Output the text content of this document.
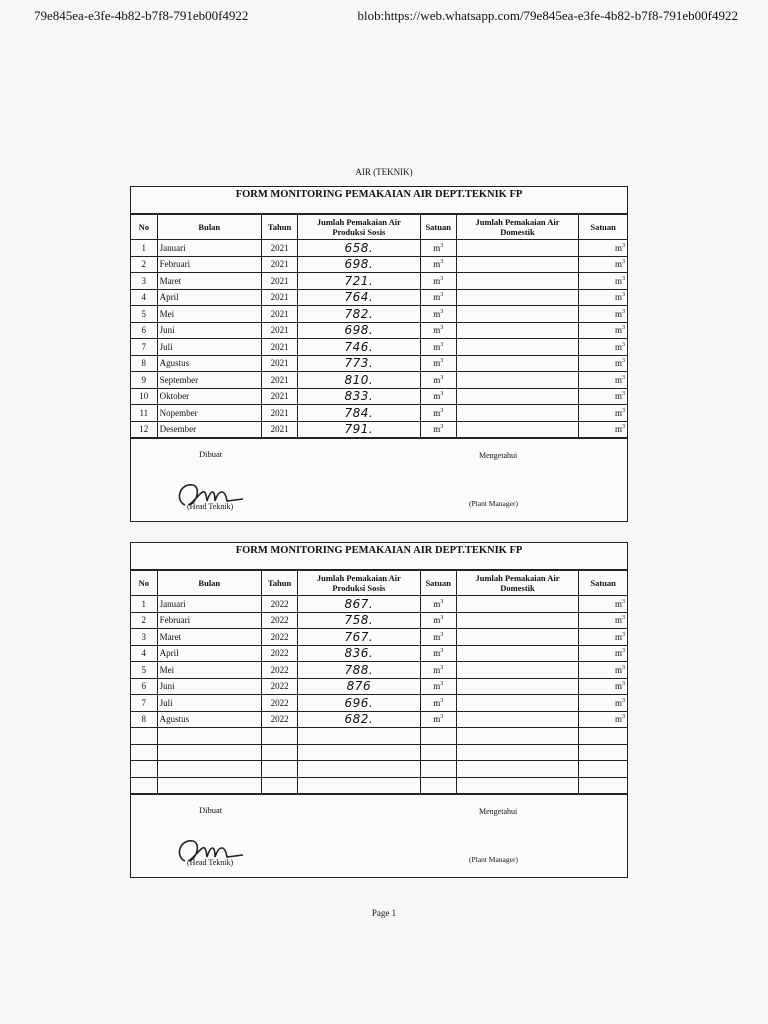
79e845ea-e3fe-4b82-b7f8-791eb00f4922	blob:https://web.whatsapp.com/79e845ea-e3fe-4b82-b7f8-791eb00f4922
AIR (TEKNIK)
FORM MONITORING PEMAKAIAN AIR DEPT.TEKNIK FP
No	Bulan	Tahun	Jumlah Pemakaian Air Produksi Sosis	Satuan	Jumlah Pemakaian Air Domestik	Satuan
1	Januari	2021	658.	$m^3$		$m^3$
2	Februari	2021	698.	$m^3$		$m^3$
3	Maret	2021	721.	$m^3$		$m^3$
4	April	2021	764.	$m^3$		$m^3$
5	Mei	2021	782.	$m^3$		$m^3$
6	Juni	2021	698.	$m^3$		$m^3$
7	Juli	2021	746.	$m^3$		$m^3$
8	Agustus	2021	773.	$m^3$		$m^3$
9	September	2021	810.	$m^3$		$m^3$
10	Oktober	2021	833.	$m^3$		$m^3$
11	Nopember	2021	784.	$m^3$		$m^3$
12	Desember	2021	791.	$m^3$		$m^3$
Dibuat	Mengetahui
(Head Teknik)	(Plant Manager)
FORM MONITORING PEMAKAIAN AIR DEPT.TEKNIK FP
No	Bulan	Tahun	Jumlah Pemakaian Air Produksi Sosis	Satuan	Jumlah Pemakaian Air Domestik	Satuan
1	Januari	2022	867.	$m^3$		$m^3$
2	Februari	2022	758.	$m^3$		$m^3$
3	Maret	2022	767.	$m^3$		$m^3$
4	April	2022	836.	$m^3$		$m^3$
5	Mei	2022	788.	$m^3$		$m^3$
6	Juni	2022	876	$m^3$		$m^3$
7	Juli	2022	696.	$m^3$		$m^3$
8	Agustus	2022	682.	$m^3$		$m^3$

Dibuat	Mengetahui
(Head Teknik)	(Plant Manager)
Page 1
